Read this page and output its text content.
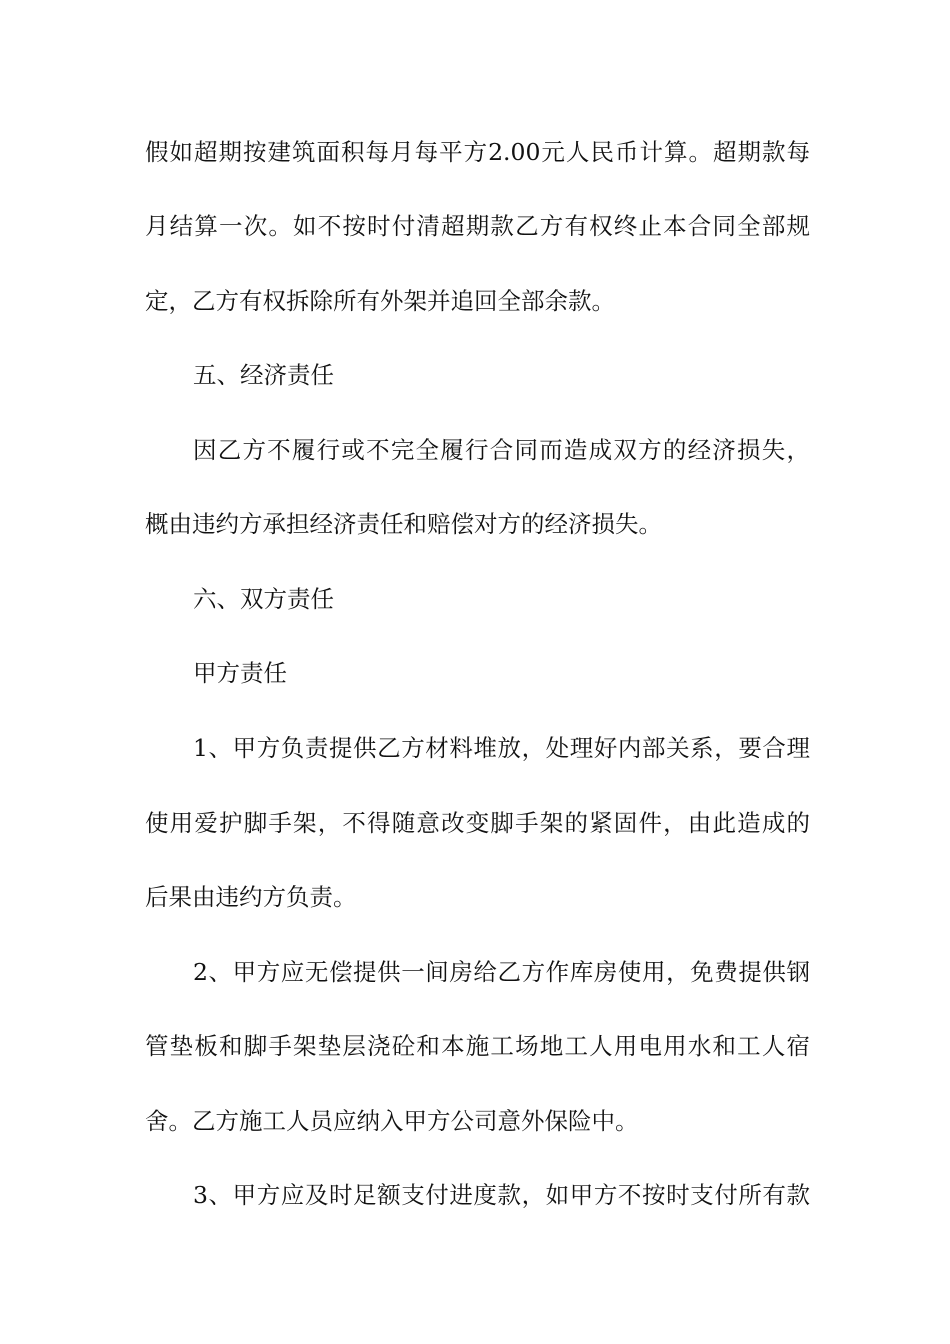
假如超期按建筑面积每月每平方2.00元人民币计算。超期款每
月结算一次。如不按时付清超期款乙方有权终止本合同全部规
定，乙方有权拆除所有外架并追回全部余款。
五、经济责任
因乙方不履行或不完全履行合同而造成双方的经济损失，
概由违约方承担经济责任和赔偿对方的经济损失。
六、双方责任
甲方责任
1、甲方负责提供乙方材料堆放，处理好内部关系，要合理
使用爱护脚手架，不得随意改变脚手架的紧固件，由此造成的
后果由违约方负责。
2、甲方应无偿提供一间房给乙方作库房使用，免费提供钢
管垫板和脚手架垫层浇砼和本施工场地工人用电用水和工人宿
舍。乙方施工人员应纳入甲方公司意外保险中。
3、甲方应及时足额支付进度款，如甲方不按时支付所有款
